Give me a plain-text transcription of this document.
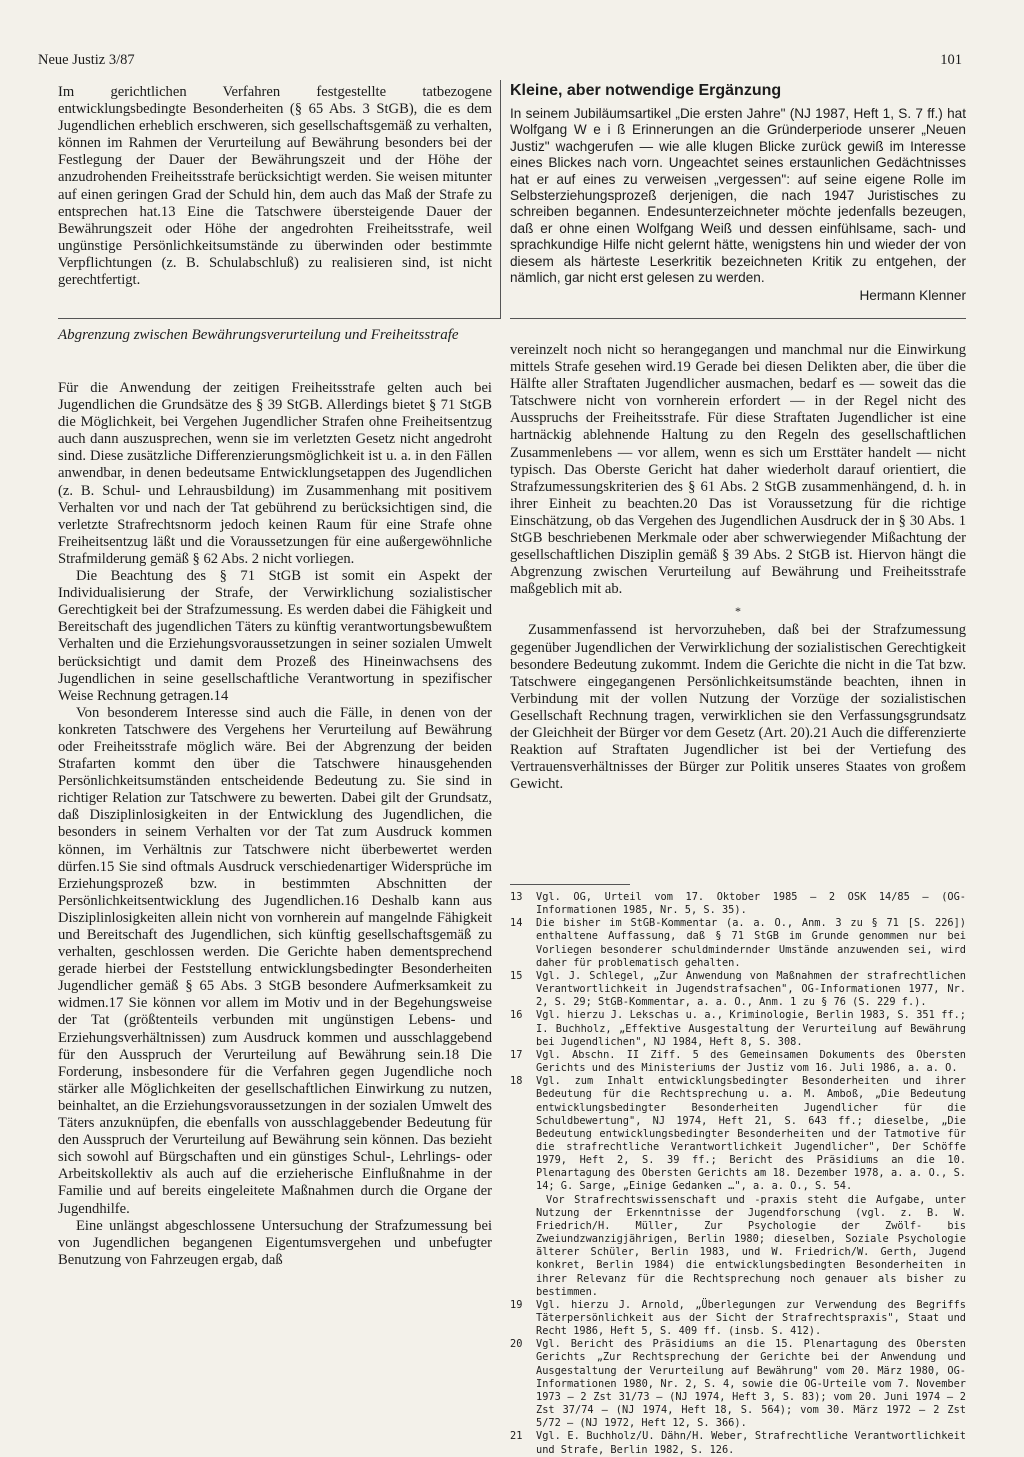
Neue Justiz 3/87	101

Im gerichtlichen Verfahren festgestellte tatbezogene entwicklungsbedingte Besonderheiten (§ 65 Abs. 3 StGB), die es dem Jugendlichen erheblich erschweren, sich gesellschaftsgemäß zu verhalten, können im Rahmen der Verurteilung auf Bewährung besonders bei der Festlegung der Dauer der Bewährungszeit und der Höhe der anzudrohenden Freiheitsstrafe berücksichtigt werden. Sie weisen mitunter auf einen geringen Grad der Schuld hin, dem auch das Maß der Strafe zu entsprechen hat.13 Eine die Tatschwere übersteigende Dauer der Bewährungszeit oder Höhe der angedrohten Freiheitsstrafe, weil ungünstige Persönlichkeitsumstände zu überwinden oder bestimmte Verpflichtungen (z. B. Schulabschluß) zu realisieren sind, ist nicht gerechtfertigt.

Abgrenzung zwischen Bewährungsverurteilung und Freiheitsstrafe

Für die Anwendung der zeitigen Freiheitsstrafe gelten auch bei Jugendlichen die Grundsätze des § 39 StGB. Allerdings bietet § 71 StGB die Möglichkeit, bei Vergehen Jugendlicher Strafen ohne Freiheitsentzug auch dann auszusprechen, wenn sie im verletzten Gesetz nicht angedroht sind. Diese zusätzliche Differenzierungsmöglichkeit ist u. a. in den Fällen anwendbar, in denen bedeutsame Entwicklungsetappen des Jugendlichen (z. B. Schul- und Lehrausbildung) im Zusammenhang mit positivem Verhalten vor und nach der Tat gebührend zu berücksichtigen sind, die verletzte Strafrechtsnorm jedoch keinen Raum für eine Strafe ohne Freiheitsentzug läßt und die Voraussetzungen für eine außergewöhnliche Strafmilderung gemäß § 62 Abs. 2 nicht vorliegen.

Die Beachtung des § 71 StGB ist somit ein Aspekt der Individualisierung der Strafe, der Verwirklichung sozialistischer Gerechtigkeit bei der Strafzumessung. Es werden dabei die Fähigkeit und Bereitschaft des jugendlichen Täters zu künftig verantwortungsbewußtem Verhalten und die Erziehungsvoraussetzungen in seiner sozialen Umwelt berücksichtigt und damit dem Prozeß des Hineinwachsens des Jugendlichen in seine gesellschaftliche Verantwortung in spezifischer Weise Rechnung getragen.14

Von besonderem Interesse sind auch die Fälle, in denen von der konkreten Tatschwere des Vergehens her Verurteilung auf Bewährung oder Freiheitsstrafe möglich wäre. Bei der Abgrenzung der beiden Strafarten kommt den über die Tatschwere hinausgehenden Persönlichkeitsumständen entscheidende Bedeutung zu. Sie sind in richtiger Relation zur Tatschwere zu bewerten. Dabei gilt der Grundsatz, daß Disziplinlosigkeiten in der Entwicklung des Jugendlichen, die besonders in seinem Verhalten vor der Tat zum Ausdruck kommen können, im Verhältnis zur Tatschwere nicht überbewertet werden dürfen.15 Sie sind oftmals Ausdruck verschiedenartiger Widersprüche im Erziehungsprozeß bzw. in bestimmten Abschnitten der Persönlichkeitsentwicklung des Jugendlichen.16 Deshalb kann aus Disziplinlosigkeiten allein nicht von vornherein auf mangelnde Fähigkeit und Bereitschaft des Jugendlichen, sich künftig gesellschaftsgemäß zu verhalten, geschlossen werden. Die Gerichte haben dementsprechend gerade hierbei der Feststellung entwicklungsbedingter Besonderheiten Jugendlicher gemäß § 65 Abs. 3 StGB besondere Aufmerksamkeit zu widmen.17 Sie können vor allem im Motiv und in der Begehungsweise der Tat (größtenteils verbunden mit ungünstigen Lebens- und Erziehungsverhältnissen) zum Ausdruck kommen und ausschlaggebend für den Ausspruch der Verurteilung auf Bewährung sein.18 Die Forderung, insbesondere für die Verfahren gegen Jugendliche noch stärker alle Möglichkeiten der gesellschaftlichen Einwirkung zu nutzen, beinhaltet, an die Erziehungsvoraussetzungen in der sozialen Umwelt des Täters anzuknüpfen, die ebenfalls von ausschlaggebender Bedeutung für den Ausspruch der Verurteilung auf Bewährung sein können. Das bezieht sich sowohl auf Bürgschaften und ein günstiges Schul-, Lehrlings- oder Arbeitskollektiv als auch auf die erzieherische Einflußnahme in der Familie und auf bereits eingeleitete Maßnahmen durch die Organe der Jugendhilfe.

Eine unlängst abgeschlossene Untersuchung der Strafzumessung bei von Jugendlichen begangenen Eigentumsvergehen und unbefugter Benutzung von Fahrzeugen ergab, daß

Kleine, aber notwendige Ergänzung
In seinem Jubiläumsartikel „Die ersten Jahre" (NJ 1987, Heft 1, S. 7 ff.) hat Wolfgang W e i ß Erinnerungen an die Gründerperiode unserer „Neuen Justiz" wachgerufen — wie alle klugen Blicke zurück gewiß im Interesse eines Blickes nach vorn. Ungeachtet seines erstaunlichen Gedächtnisses hat er auf eines zu verweisen „vergessen": auf seine eigene Rolle im Selbsterziehungsprozeß derjenigen, die nach 1947 Juristisches zu schreiben begannen. Endesunterzeichneter möchte jedenfalls bezeugen, daß er ohne einen Wolfgang Weiß und dessen einfühlsame, sach- und sprachkundige Hilfe nicht gelernt hätte, wenigstens hin und wieder der von diesem als härteste Leserkritik bezeichneten Kritik zu entgehen, der nämlich, gar nicht erst gelesen zu werden.
Hermann Klenner

vereinzelt noch nicht so herangegangen und manchmal nur die Einwirkung mittels Strafe gesehen wird.19 Gerade bei diesen Delikten aber, die über die Hälfte aller Straftaten Jugendlicher ausmachen, bedarf es — soweit das die Tatschwere nicht von vornherein erfordert — in der Regel nicht des Ausspruchs der Freiheitsstrafe. Für diese Straftaten Jugendlicher ist eine hartnäckig ablehnende Haltung zu den Regeln des gesellschaftlichen Zusammenlebens — vor allem, wenn es sich um Ersttäter handelt — nicht typisch. Das Oberste Gericht hat daher wiederholt darauf orientiert, die Strafzumessungskriterien des § 61 Abs. 2 StGB zusammenhängend, d. h. in ihrer Einheit zu beachten.20 Das ist Voraussetzung für die richtige Einschätzung, ob das Vergehen des Jugendlichen Ausdruck der in § 30 Abs. 1 StGB beschriebenen Merkmale oder aber schwerwiegender Mißachtung der gesellschaftlichen Disziplin gemäß § 39 Abs. 2 StGB ist. Hiervon hängt die Abgrenzung zwischen Verurteilung auf Bewährung und Freiheitsstrafe maßgeblich mit ab.

*

Zusammenfassend ist hervorzuheben, daß bei der Strafzumessung gegenüber Jugendlichen der Verwirklichung der sozialistischen Gerechtigkeit besondere Bedeutung zukommt. Indem die Gerichte die nicht in die Tat bzw. Tatschwere eingegangenen Persönlichkeitsumstände beachten, ihnen in Verbindung mit der vollen Nutzung der Vorzüge der sozialistischen Gesellschaft Rechnung tragen, verwirklichen sie den Verfassungsgrundsatz der Gleichheit der Bürger vor dem Gesetz (Art. 20).21 Auch die differenzierte Reaktion auf Straftaten Jugendlicher ist bei der Vertiefung des Vertrauensverhältnisses der Bürger zur Politik unseres Staates von großem Gewicht.

13	Vgl. OG, Urteil vom 17. Oktober 1985 — 2 OSK 14/85 — (OG-Informationen 1985, Nr. 5, S. 35).
14	Die bisher im StGB-Kommentar (a. a. O., Anm. 3 zu § 71 [S. 226]) enthaltene Auffassung, daß § 71 StGB im Grunde genommen nur bei Vorliegen besonderer schuldmindernder Umstände anzuwenden sei, wird daher für problematisch gehalten.
15	Vgl. J. Schlegel, „Zur Anwendung von Maßnahmen der strafrechtlichen Verantwortlichkeit in Jugendstrafsachen", OG-Informationen 1977, Nr. 2, S. 29; StGB-Kommentar, a. a. O., Anm. 1 zu § 76 (S. 229 f.).
16	Vgl. hierzu J. Lekschas u. a., Kriminologie, Berlin 1983, S. 351 ff.; I. Buchholz, „Effektive Ausgestaltung der Verurteilung auf Bewährung bei Jugendlichen", NJ 1984, Heft 8, S. 308.
17	Vgl. Abschn. II Ziff. 5 des Gemeinsamen Dokuments des Obersten Gerichts und des Ministeriums der Justiz vom 16. Juli 1986, a. a. O.
18	Vgl. zum Inhalt entwicklungsbedingter Besonderheiten und ihrer Bedeutung für die Rechtsprechung u. a. M. Amboß, „Die Bedeutung entwicklungsbedingter Besonderheiten Jugendlicher für die Schuldbewertung", NJ 1974, Heft 21, S. 643 ff.; dieselbe, „Die Bedeutung entwicklungsbedingter Besonderheiten und der Tatmotive für die strafrechtliche Verantwortlichkeit Jugendlicher", Der Schöffe 1979, Heft 2, S. 39 ff.; Bericht des Präsidiums an die 10. Plenartagung des Obersten Gerichts am 18. Dezember 1978, a. a. O., S. 14; G. Sarge, „Einige Gedanken …", a. a. O., S. 54.
Vor Strafrechtswissenschaft und -praxis steht die Aufgabe, unter Nutzung der Erkenntnisse der Jugendforschung (vgl. z. B. W. Friedrich/H. Müller, Zur Psychologie der Zwölf- bis Zweiundzwanzigjährigen, Berlin 1980; dieselben, Soziale Psychologie älterer Schüler, Berlin 1983, und W. Friedrich/W. Gerth, Jugend konkret, Berlin 1984) die entwicklungsbedingten Besonderheiten in ihrer Relevanz für die Rechtsprechung noch genauer als bisher zu bestimmen.
19	Vgl. hierzu J. Arnold, „Überlegungen zur Verwendung des Begriffs Täterpersönlichkeit aus der Sicht der Strafrechtspraxis", Staat und Recht 1986, Heft 5, S. 409 ff. (insb. S. 412).
20	Vgl. Bericht des Präsidiums an die 15. Plenartagung des Obersten Gerichts „Zur Rechtsprechung der Gerichte bei der Anwendung und Ausgestaltung der Verurteilung auf Bewährung" vom 20. März 1980, OG-Informationen 1980, Nr. 2, S. 4, sowie die OG-Urteile vom 7. November 1973 — 2 Zst 31/73 — (NJ 1974, Heft 3, S. 83); vom 20. Juni 1974 — 2 Zst 37/74 — (NJ 1974, Heft 18, S. 564); vom 30. März 1972 — 2 Zst 5/72 — (NJ 1972, Heft 12, S. 366).
21	Vgl. E. Buchholz/U. Dähn/H. Weber, Strafrechtliche Verantwortlichkeit und Strafe, Berlin 1982, S. 126.
